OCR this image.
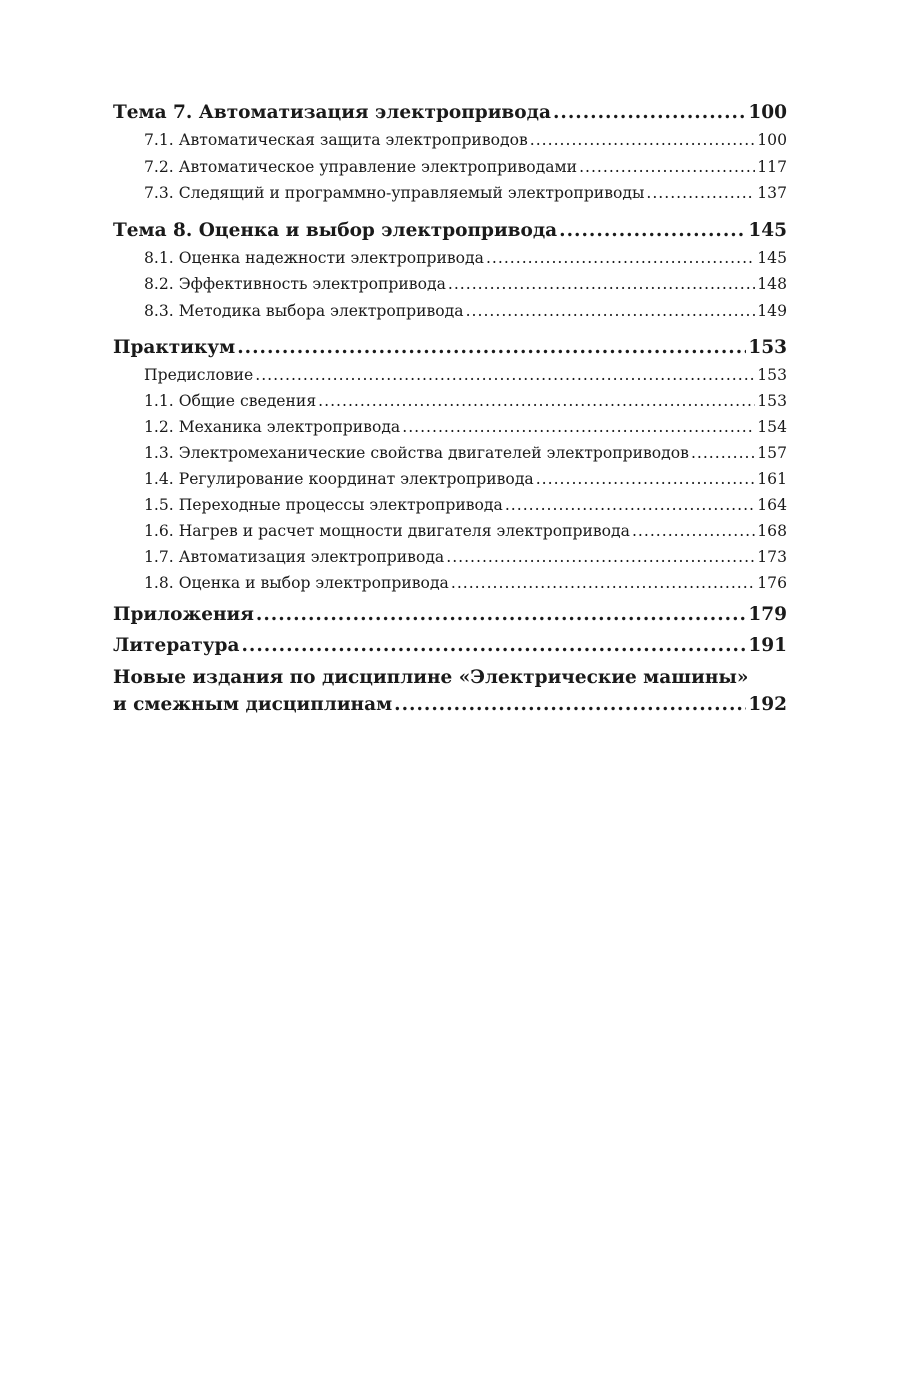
Тема 7. Автоматизация электропривода .....	100
7.1. Автоматическая защита электроприводов .....	100
7.2. Автоматическое управление электроприводами .....	117
7.3. Следящий и программно-управляемый электроприводы .....	137
Тема 8. Оценка и выбор электропривода .....	145
8.1. Оценка надежности электропривода .....	145
8.2. Эффективность электропривода .....	148
8.3. Методика выбора электропривода .....	149
Практикум .....	153
Предисловие .....	153
1.1. Общие сведения .....	153
1.2. Механика электропривода .....	154
1.3. Электромеханические свойства двигателей электроприводов .....	157
1.4. Регулирование координат электропривода .....	161
1.5. Переходные процессы электропривода .....	164
1.6. Нагрев и расчет мощности двигателя электропривода .....	168
1.7. Автоматизация электропривода .....	173
1.8. Оценка и выбор электропривода .....	176
Приложения .....	179
Литература .....	191
Новые издания по дисциплине «Электрические машины»
и смежным дисциплинам .....	192
